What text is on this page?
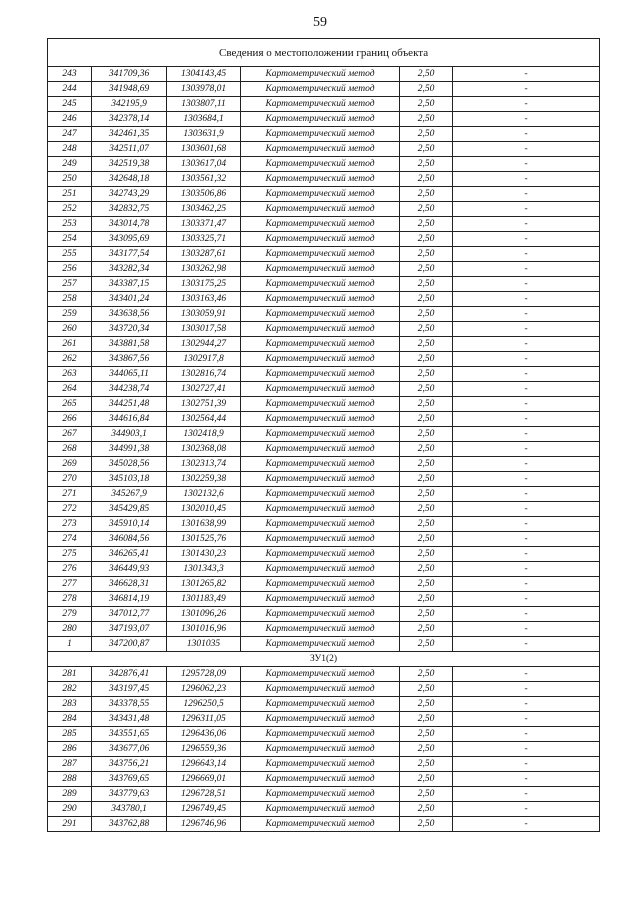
59
Сведения о местоположении границ объекта					
243	341709,36	1304143,45	Картометрический метод	2,50	-
244	341948,69	1303978,01	Картометрический метод	2,50	-
245	342195,9	1303807,11	Картометрический метод	2,50	-
246	342378,14	1303684,1	Картометрический метод	2,50	-
247	342461,35	1303631,9	Картометрический метод	2,50	-
248	342511,07	1303601,68	Картометрический метод	2,50	-
249	342519,38	1303617,04	Картометрический метод	2,50	-
250	342648,18	1303561,32	Картометрический метод	2,50	-
251	342743,29	1303506,86	Картометрический метод	2,50	-
252	342832,75	1303462,25	Картометрический метод	2,50	-
253	343014,78	1303371,47	Картометрический метод	2,50	-
254	343095,69	1303325,71	Картометрический метод	2,50	-
255	343177,54	1303287,61	Картометрический метод	2,50	-
256	343282,34	1303262,98	Картометрический метод	2,50	-
257	343387,15	1303175,25	Картометрический метод	2,50	-
258	343401,24	1303163,46	Картометрический метод	2,50	-
259	343638,56	1303059,91	Картометрический метод	2,50	-
260	343720,34	1303017,58	Картометрический метод	2,50	-
261	343881,58	1302944,27	Картометрический метод	2,50	-
262	343867,56	1302917,8	Картометрический метод	2,50	-
263	344065,11	1302816,74	Картометрический метод	2,50	-
264	344238,74	1302727,41	Картометрический метод	2,50	-
265	344251,48	1302751,39	Картометрический метод	2,50	-
266	344616,84	1302564,44	Картометрический метод	2,50	-
267	344903,1	1302418,9	Картометрический метод	2,50	-
268	344991,38	1302368,08	Картометрический метод	2,50	-
269	345028,56	1302313,74	Картометрический метод	2,50	-
270	345103,18	1302259,38	Картометрический метод	2,50	-
271	345267,9	1302132,6	Картометрический метод	2,50	-
272	345429,85	1302010,45	Картометрический метод	2,50	-
273	345910,14	1301638,99	Картометрический метод	2,50	-
274	346084,56	1301525,76	Картометрический метод	2,50	-
275	346265,41	1301430,23	Картометрический метод	2,50	-
276	346449,93	1301343,3	Картометрический метод	2,50	-
277	346628,31	1301265,82	Картометрический метод	2,50	-
278	346814,19	1301183,49	Картометрический метод	2,50	-
279	347012,77	1301096,26	Картометрический метод	2,50	-
280	347193,07	1301016,96	Картометрический метод	2,50	-
1	347200,87	1301035	Картометрический метод	2,50	-
ЗУ1(2)					
281	342876,41	1295728,09	Картометрический метод	2,50	-
282	343197,45	1296062,23	Картометрический метод	2,50	-
283	343378,55	1296250,5	Картометрический метод	2,50	-
284	343431,48	1296311,05	Картометрический метод	2,50	-
285	343551,65	1296436,06	Картометрический метод	2,50	-
286	343677,06	1296559,36	Картометрический метод	2,50	-
287	343756,21	1296643,14	Картометрический метод	2,50	-
288	343769,65	1296669,01	Картометрический метод	2,50	-
289	343779,63	1296728,51	Картометрический метод	2,50	-
290	343780,1	1296749,45	Картометрический метод	2,50	-
291	343762,88	1296746,96	Картометрический метод	2,50	-
